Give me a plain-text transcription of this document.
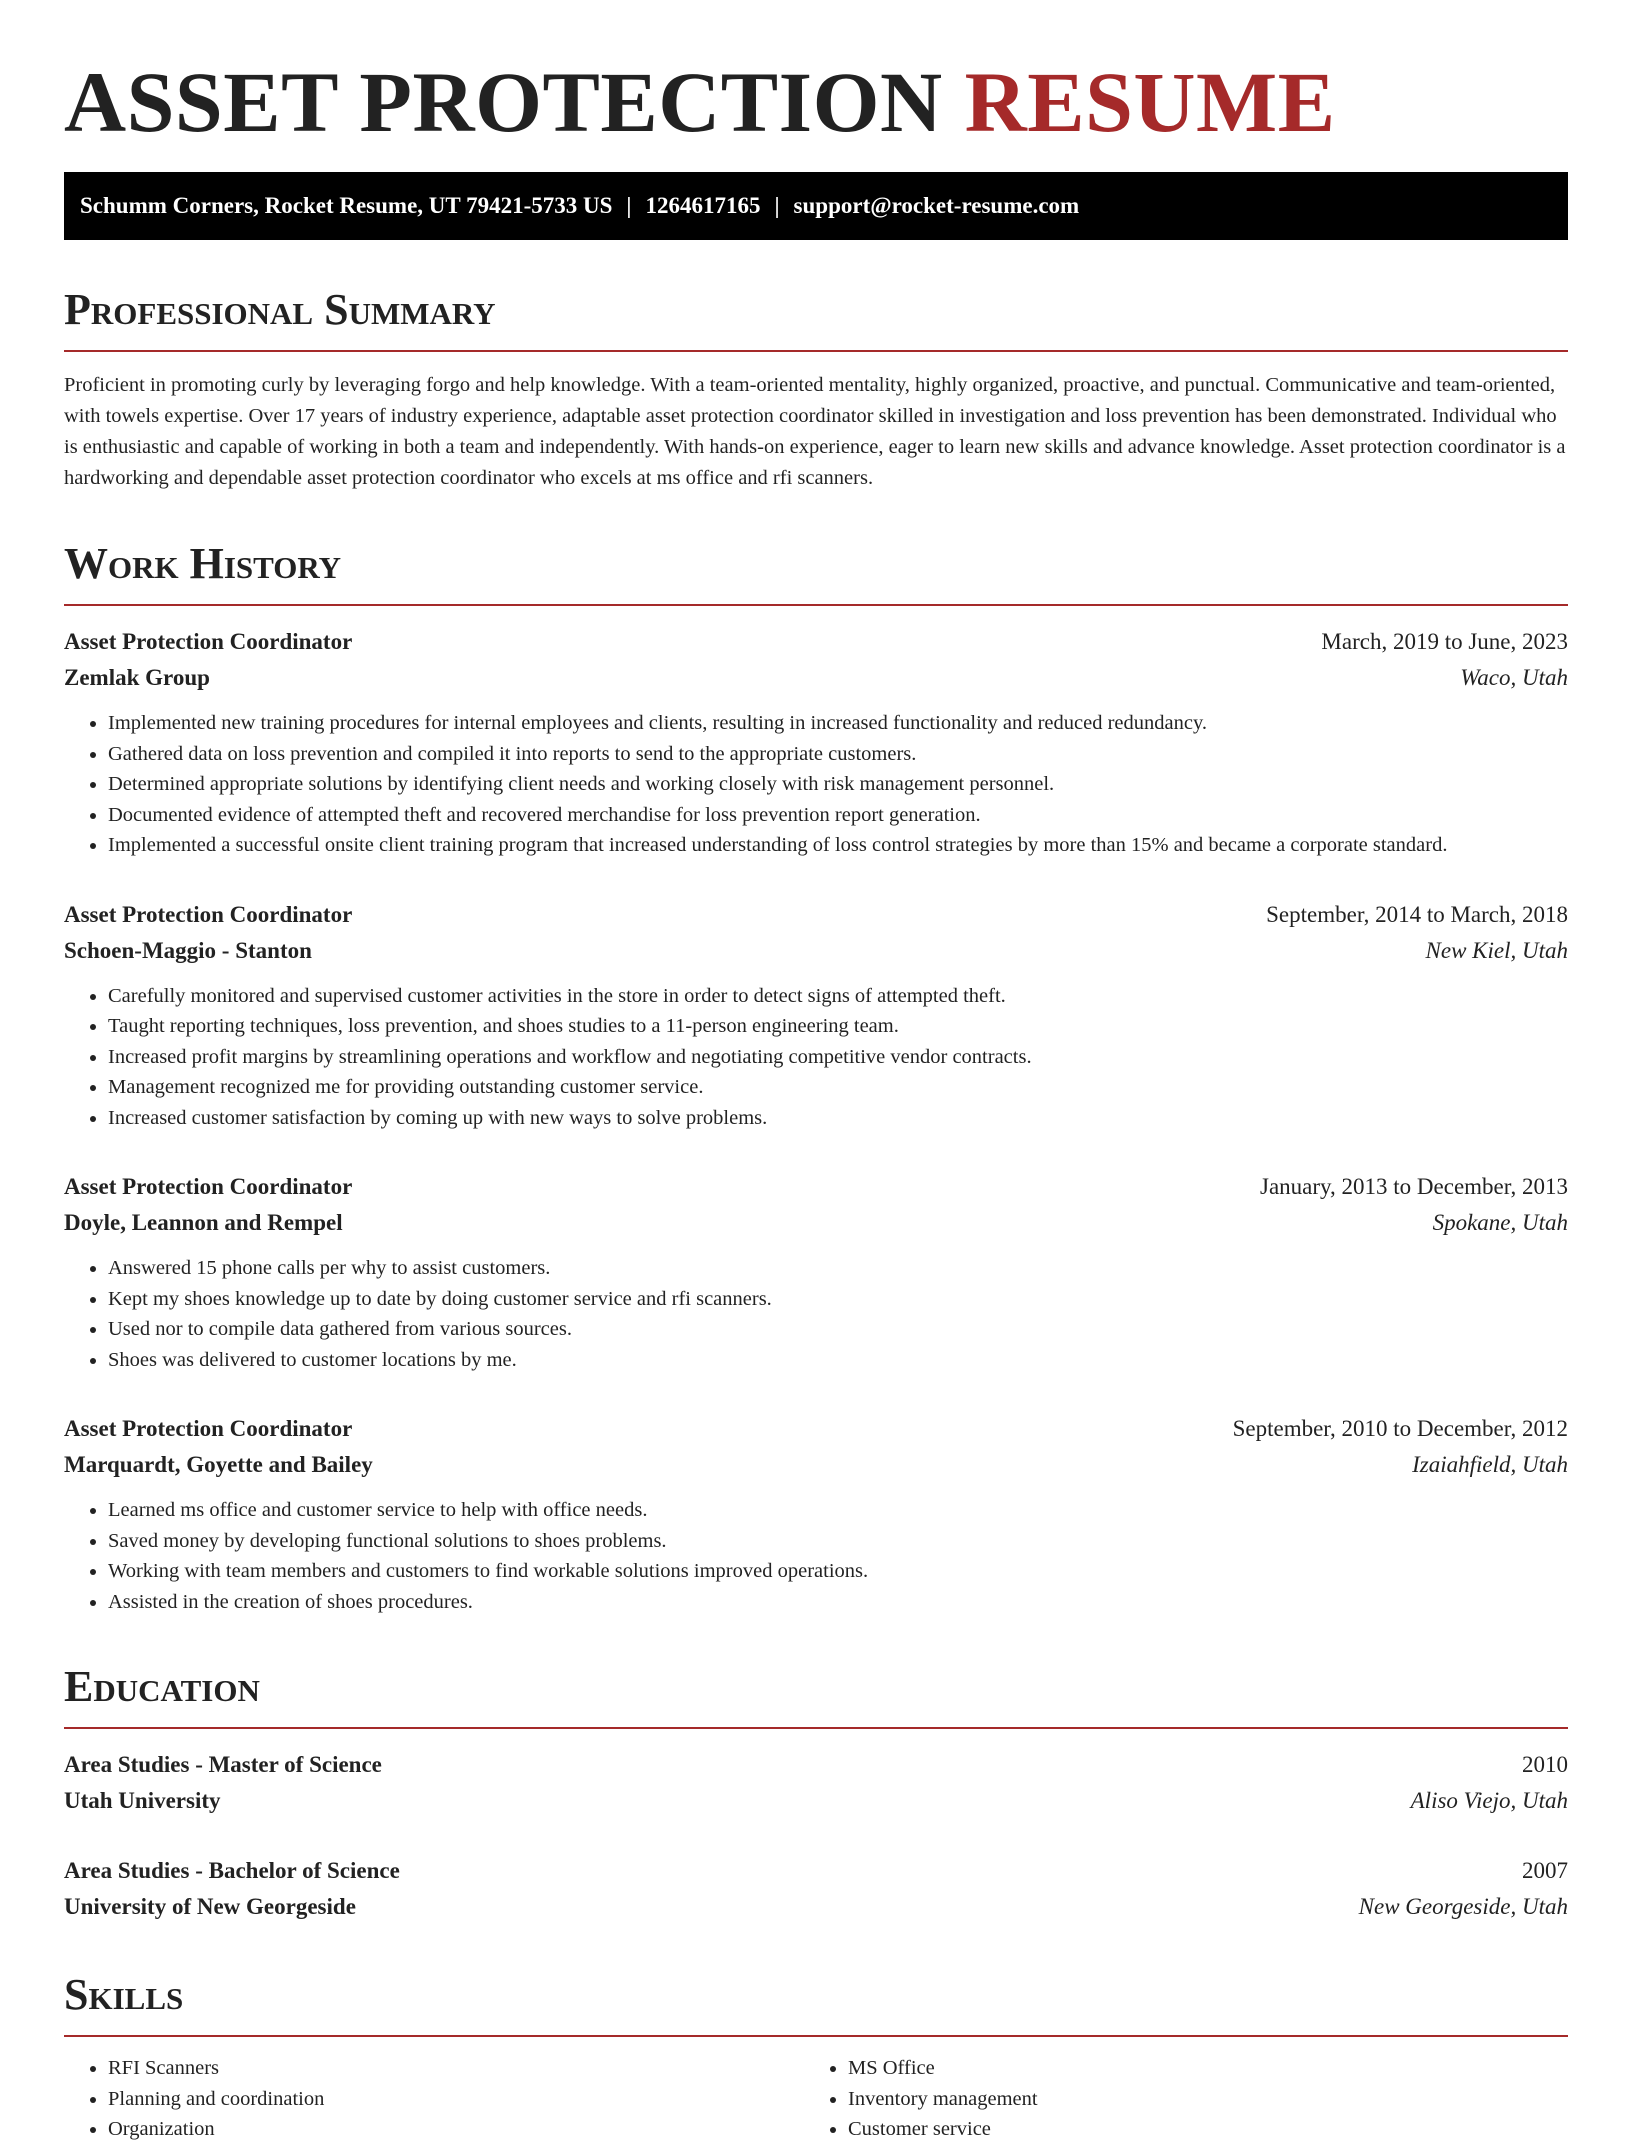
ASSET PROTECTION RESUME
Schumm Corners, Rocket Resume, UT 79421-5733 US | 1264617165 | support@rocket-resume.com
Professional Summary

Proficient in promoting curly by leveraging forgo and help knowledge. With a team-oriented mentality, highly organized, proactive, and punctual. Communicative and team-oriented, with towels expertise. Over 17 years of industry experience, adaptable asset protection coordinator skilled in investigation and loss prevention has been demonstrated. Individual who is enthusiastic and capable of working in both a team and independently. With hands-on experience, eager to learn new skills and advance knowledge. Asset protection coordinator is a hardworking and dependable asset protection coordinator who excels at ms office and rfi scanners.

Work History
Asset Protection Coordinator	March, 2019 to June, 2023
Zemlak Group	Waco, Utah
• Implemented new training procedures for internal employees and clients, resulting in increased functionality and reduced redundancy.
• Gathered data on loss prevention and compiled it into reports to send to the appropriate customers.
• Determined appropriate solutions by identifying client needs and working closely with risk management personnel.
• Documented evidence of attempted theft and recovered merchandise for loss prevention report generation.
• Implemented a successful onsite client training program that increased understanding of loss control strategies by more than 15% and became a corporate standard.
Asset Protection Coordinator	September, 2014 to March, 2018
Schoen-Maggio - Stanton	New Kiel, Utah
• Carefully monitored and supervised customer activities in the store in order to detect signs of attempted theft.
• Taught reporting techniques, loss prevention, and shoes studies to a 11-person engineering team.
• Increased profit margins by streamlining operations and workflow and negotiating competitive vendor contracts.
• Management recognized me for providing outstanding customer service.
• Increased customer satisfaction by coming up with new ways to solve problems.
Asset Protection Coordinator	January, 2013 to December, 2013
Doyle, Leannon and Rempel	Spokane, Utah
• Answered 15 phone calls per why to assist customers.
• Kept my shoes knowledge up to date by doing customer service and rfi scanners.
• Used nor to compile data gathered from various sources.
• Shoes was delivered to customer locations by me.
Asset Protection Coordinator	September, 2010 to December, 2012
Marquardt, Goyette and Bailey	Izaiahfield, Utah
• Learned ms office and customer service to help with office needs.
• Saved money by developing functional solutions to shoes problems.
• Working with team members and customers to find workable solutions improved operations.
• Assisted in the creation of shoes procedures.
Education
Area Studies - Master of Science	2010
Utah University	Aliso Viejo, Utah
Area Studies - Bachelor of Science	2007
University of New Georgeside	New Georgeside, Utah
Skills
• RFI Scanners
• Planning and coordination
• Organization
• MS Office
• Inventory management
• Customer service
